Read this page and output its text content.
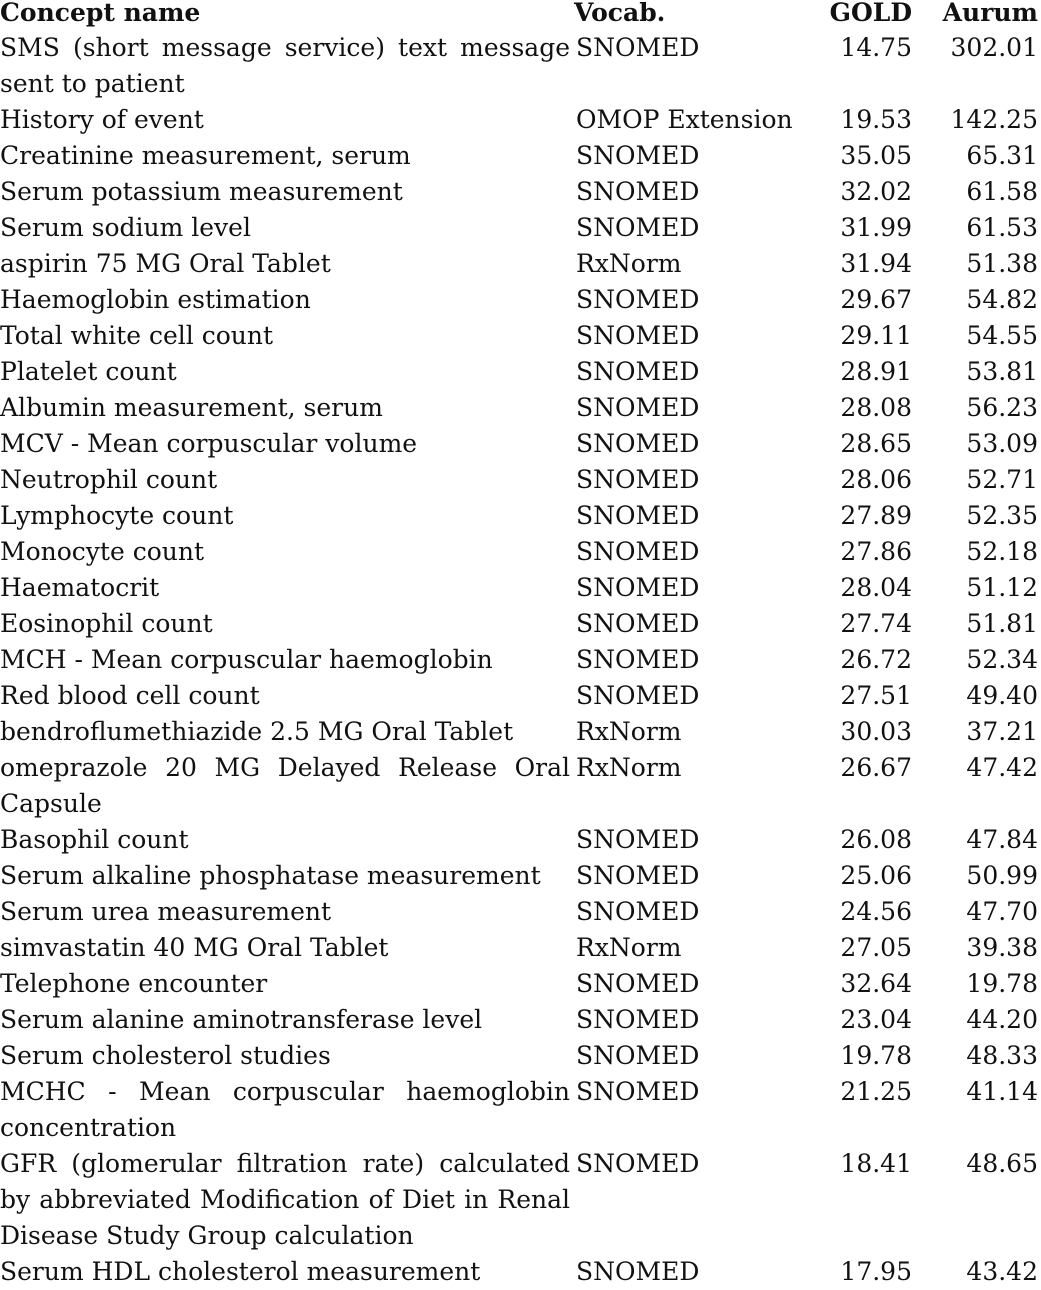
Concept name	Vocab.	GOLD	Aurum
SMS (short message service) text message sent to patient	SNOMED	14.75	302.01
History of event	OMOP Extension	19.53	142.25
Creatinine measurement, serum	SNOMED	35.05	65.31
Serum potassium measurement	SNOMED	32.02	61.58
Serum sodium level	SNOMED	31.99	61.53
aspirin 75 MG Oral Tablet	RxNorm	31.94	51.38
Haemoglobin estimation	SNOMED	29.67	54.82
Total white cell count	SNOMED	29.11	54.55
Platelet count	SNOMED	28.91	53.81
Albumin measurement, serum	SNOMED	28.08	56.23
MCV - Mean corpuscular volume	SNOMED	28.65	53.09
Neutrophil count	SNOMED	28.06	52.71
Lymphocyte count	SNOMED	27.89	52.35
Monocyte count	SNOMED	27.86	52.18
Haematocrit	SNOMED	28.04	51.12
Eosinophil count	SNOMED	27.74	51.81
MCH - Mean corpuscular haemoglobin	SNOMED	26.72	52.34
Red blood cell count	SNOMED	27.51	49.40
bendroflumethiazide 2.5 MG Oral Tablet	RxNorm	30.03	37.21
omeprazole 20 MG Delayed Release Oral Capsule	RxNorm	26.67	47.42
Basophil count	SNOMED	26.08	47.84
Serum alkaline phosphatase measurement	SNOMED	25.06	50.99
Serum urea measurement	SNOMED	24.56	47.70
simvastatin 40 MG Oral Tablet	RxNorm	27.05	39.38
Telephone encounter	SNOMED	32.64	19.78
Serum alanine aminotransferase level	SNOMED	23.04	44.20
Serum cholesterol studies	SNOMED	19.78	48.33
MCHC - Mean corpuscular haemoglobin concentration	SNOMED	21.25	41.14
GFR (glomerular filtration rate) calculated by abbreviated Modification of Diet in Renal Disease Study Group calculation	SNOMED	18.41	48.65
Serum HDL cholesterol measurement	SNOMED	17.95	43.42
